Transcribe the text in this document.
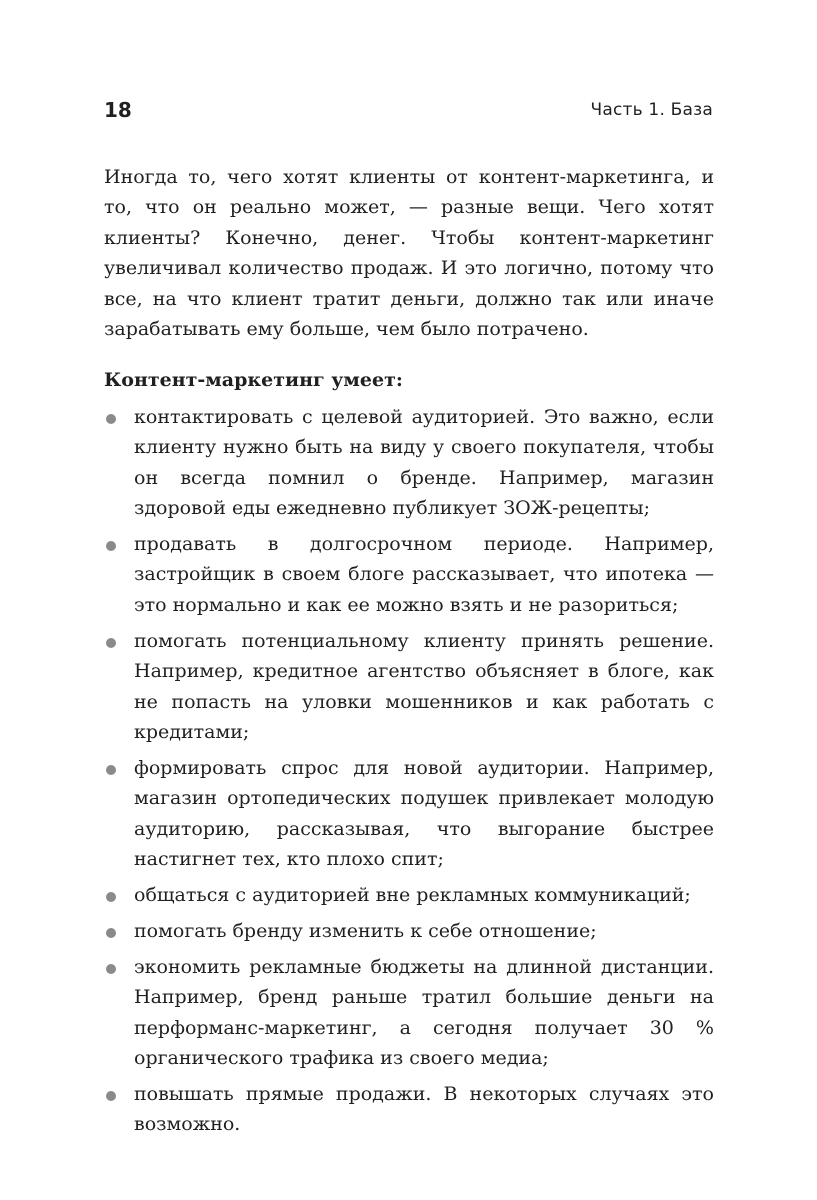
18	Часть 1. База

Иногда то, чего хотят клиенты от контент-маркетинга, и то, что он реально может, — разные вещи. Чего хотят клиенты? Конечно, денег. Чтобы контент-маркетинг увеличивал количество продаж. И это логично, потому что все, на что клиент тратит деньги, должно так или иначе зарабатывать ему больше, чем было потрачено.

Контент-маркетинг умеет:

контактировать с целевой аудиторией. Это важно, если клиенту нужно быть на виду у своего покупателя, чтобы он всегда помнил о бренде. Например, магазин здоровой еды ежедневно публикует ЗОЖ-рецепты;
продавать в долгосрочном периоде. Например, застройщик в своем блоге рассказывает, что ипотека — это нормально и как ее можно взять и не разориться;
помогать потенциальному клиенту принять решение. Например, кредитное агентство объясняет в блоге, как не попасть на уловки мошенников и как работать с кредитами;
формировать спрос для новой аудитории. Например, магазин ортопедических подушек привлекает молодую аудиторию, рассказывая, что выгорание быстрее настигнет тех, кто плохо спит;
общаться с аудиторией вне рекламных коммуникаций;
помогать бренду изменить к себе отношение;
экономить рекламные бюджеты на длинной дистанции. Например, бренд раньше тратил большие деньги на перформанс-маркетинг, а сегодня получает 30 % органического трафика из своего медиа;
повышать прямые продажи. В некоторых случаях это возможно.
